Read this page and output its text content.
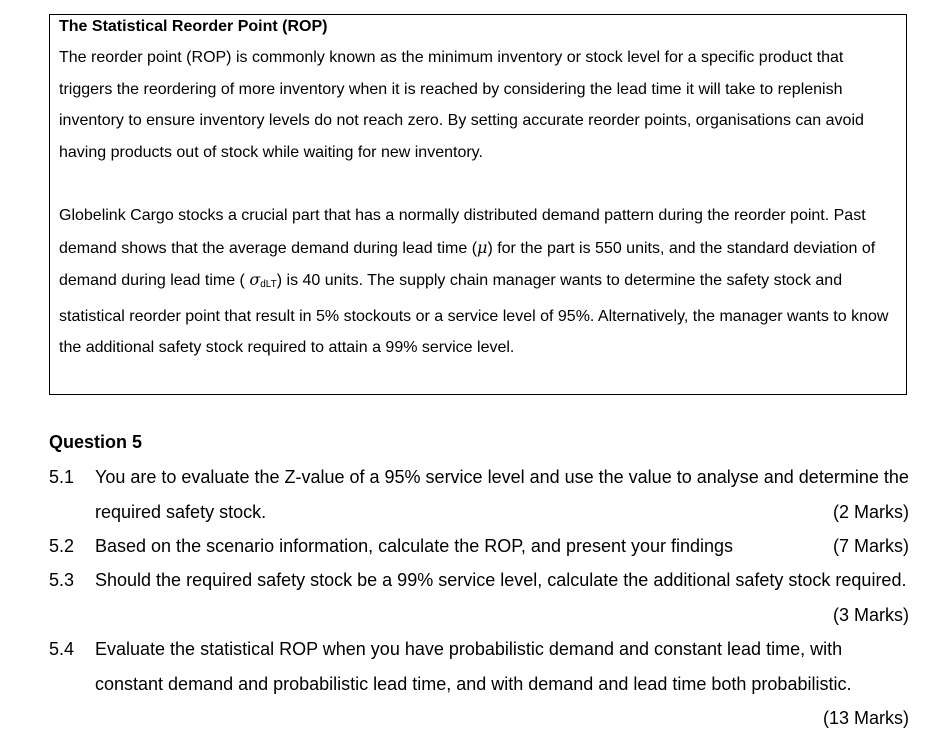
The Statistical Reorder Point (ROP)
The reorder point (ROP) is commonly known as the minimum inventory or stock level for a specific product that triggers the reordering of more inventory when it is reached by considering the lead time it will take to replenish inventory to ensure inventory levels do not reach zero. By setting accurate reorder points, organisations can avoid having products out of stock while waiting for new inventory.
Globelink Cargo stocks a crucial part that has a normally distributed demand pattern during the reorder point. Past demand shows that the average demand during lead time (μ) for the part is 550 units, and the standard deviation of demand during lead time ( σdLT) is 40 units. The supply chain manager wants to determine the safety stock and statistical reorder point that result in 5% stockouts or a service level of 95%. Alternatively, the manager wants to know the additional safety stock required to attain a 99% service level.
Question 5
5.1 You are to evaluate the Z-value of a 95% service level and use the value to analyse and determine the required safety stock.	(2 Marks)
5.2 Based on the scenario information, calculate the ROP, and present your findings	(7 Marks)
5.3 Should the required safety stock be a 99% service level, calculate the additional safety stock required.
(3 Marks)
5.4 Evaluate the statistical ROP when you have probabilistic demand and constant lead time, with constant demand and probabilistic lead time, and with demand and lead time both probabilistic.
(13 Marks)
